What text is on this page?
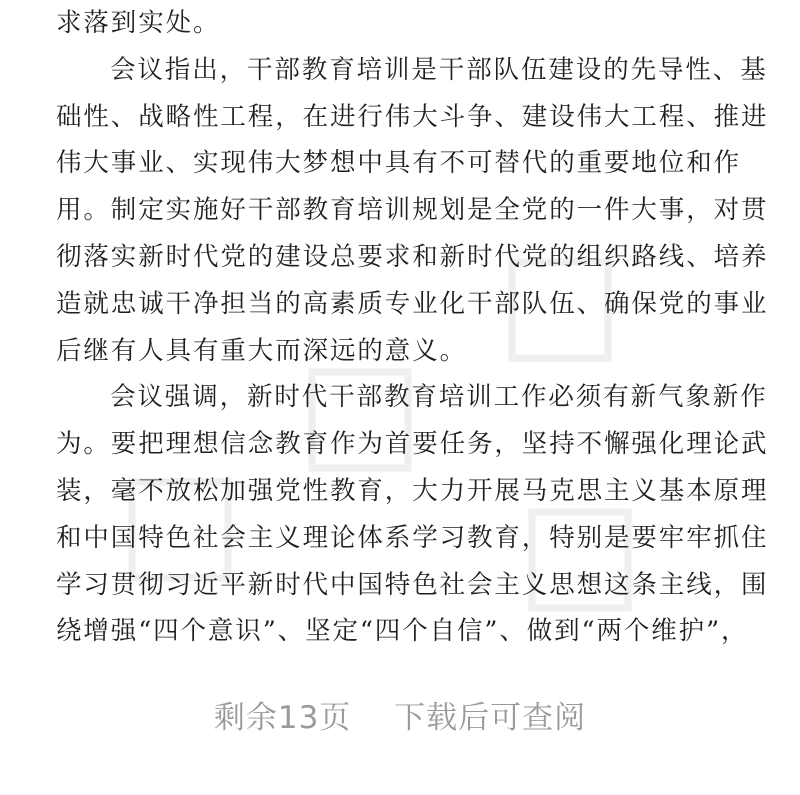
求落到实处。
会议指出，干部教育培训是干部队伍建设的先导性、基
础性、战略性工程，在进行伟大斗争、建设伟大工程、推进
伟大事业、实现伟大梦想中具有不可替代的重要地位和作
用。制定实施好干部教育培训规划是全党的一件大事，对贯
彻落实新时代党的建设总要求和新时代党的组织路线、培养
造就忠诚干净担当的高素质专业化干部队伍、确保党的事业
后继有人具有重大而深远的意义。
会议强调，新时代干部教育培训工作必须有新气象新作
为。要把理想信念教育作为首要任务，坚持不懈强化理论武
装，毫不放松加强党性教育，大力开展马克思主义基本原理
和中国特色社会主义理论体系学习教育，特别是要牢牢抓住
学习贯彻习近平新时代中国特色社会主义思想这条主线，围
绕增强“四个意识”、坚定“四个自信”、做到“两个维护”，
剩余13页 下载后可查阅
